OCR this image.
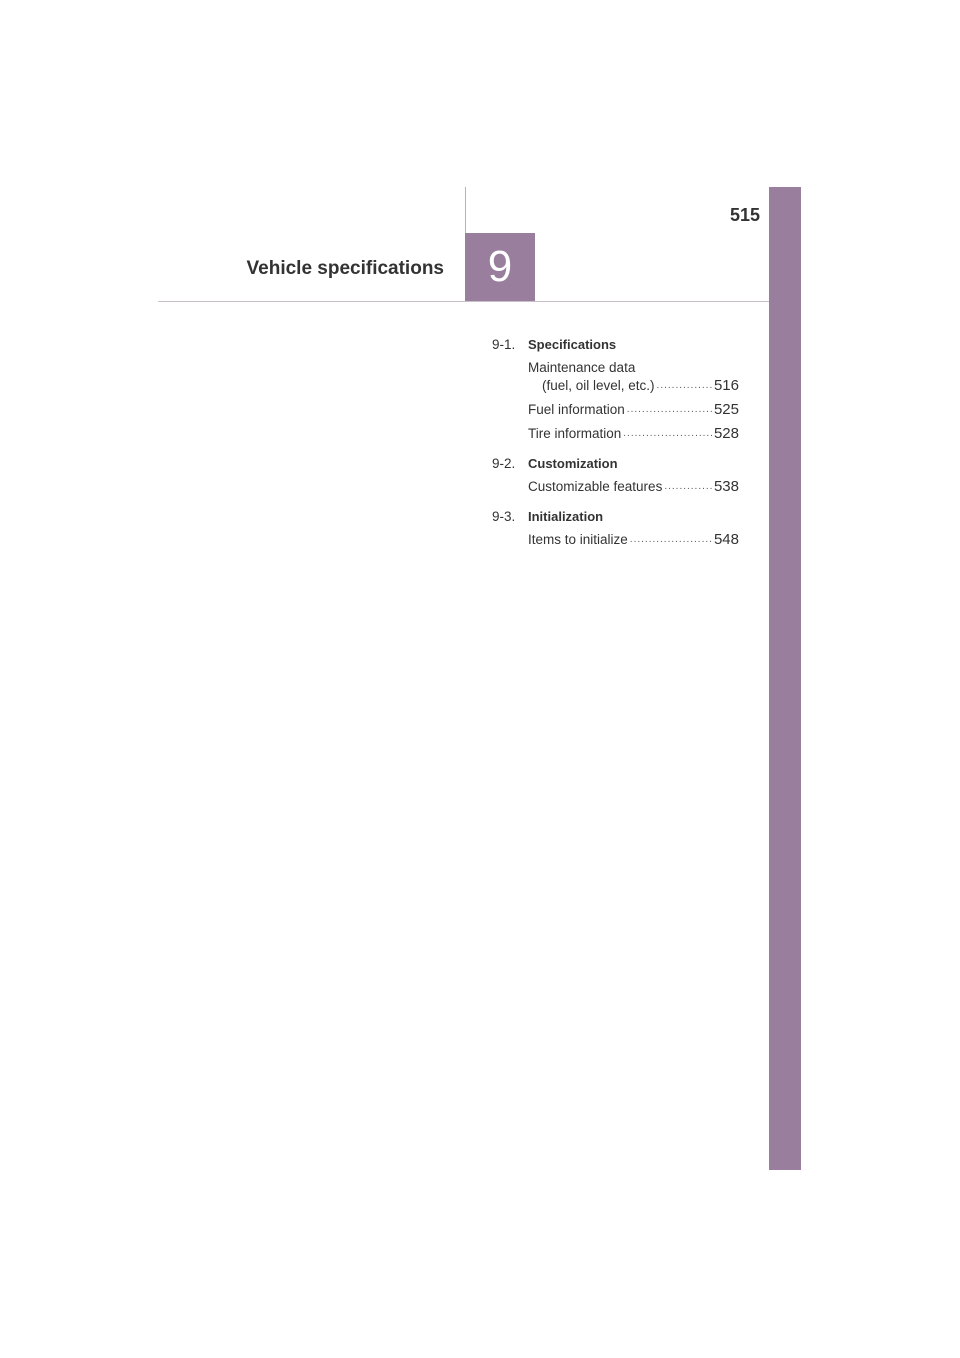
515
Vehicle specifications 9
9-1. Specifications
Maintenance data
(fuel, oil level, etc.) .....	516
Fuel information .....	525
Tire information .....	528
9-2. Customization
Customizable features .....	538
9-3. Initialization
Items to initialize .....	548
